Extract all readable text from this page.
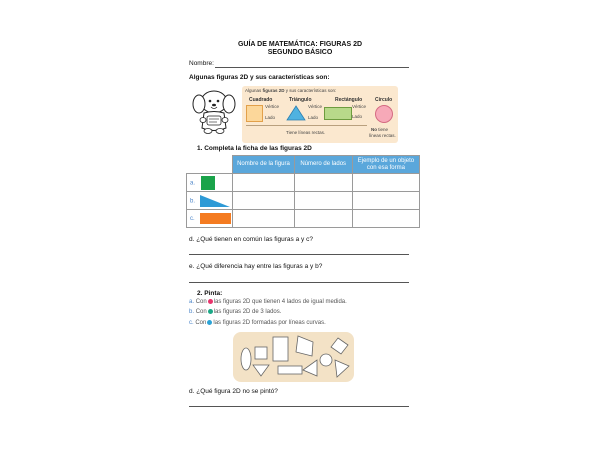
GUÍA DE MATEMÁTICA: FIGURAS 2D
SEGUNDO BÁSICO
Nombre:
Algunas figuras 2D y sus características son:
Algunas figuras 2D y sus características son:
Cuadrado
Vértice
Lado
Triángulo
Vértice
Lado
Rectángulo
Vértice
Lado
Círculo
Tiene líneas rectas.
No tiene
líneas rectas.
1. Completa la ficha de las figuras 2D
	Nombre de la figura	Número de lados	Ejemplo de un objeto con esa forma
a.			
b.			
c.			
d. ¿Qué tienen en común las figuras a y c?
e. ¿Qué diferencia hay entre las figuras a y b?
2. Pinta:
a. Con las figuras 2D que tienen 4 lados de igual medida.
b. Con las figuras 2D de 3 lados.
c. Con las figuras 2D formadas por líneas curvas.
d. ¿Qué figura 2D no se pintó?
